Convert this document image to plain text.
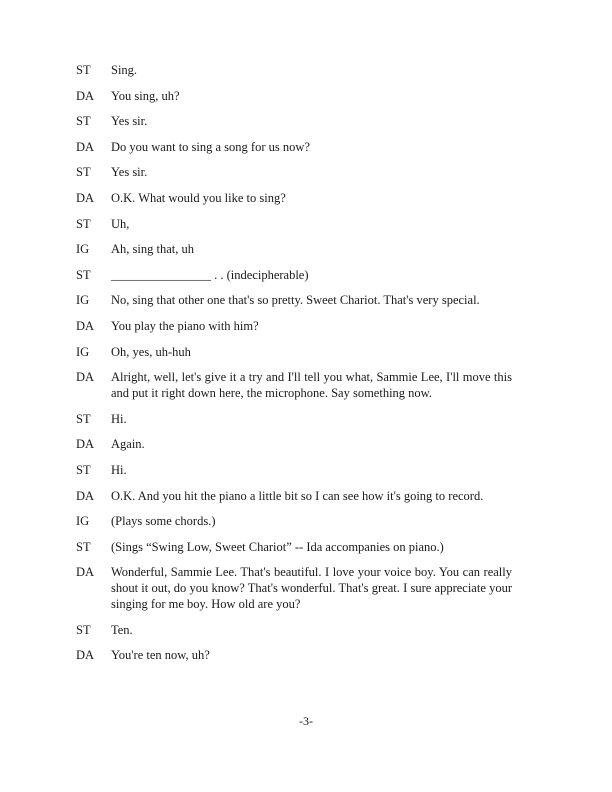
ST	Sing.
DA	You sing, uh?
ST	Yes sir.
DA	Do you want to sing a song for us now?
ST	Yes sir.
DA	O.K. What would you like to sing?
ST	Uh,
IG	Ah, sing that, uh
ST	________________ . . (indecipherable)
IG	No, sing that other one that's so pretty. Sweet Chariot. That's very special.
DA	You play the piano with him?
IG	Oh, yes, uh-huh
DA	Alright, well, let's give it a try and I'll tell you what, Sammie Lee, I'll move this and put it right down here, the microphone. Say something now.
ST	Hi.
DA	Again.
ST	Hi.
DA	O.K. And you hit the piano a little bit so I can see how it's going to record.
IG	(Plays some chords.)
ST	(Sings “Swing Low, Sweet Chariot” -- Ida accompanies on piano.)
DA	Wonderful, Sammie Lee. That's beautiful. I love your voice boy. You can really shout it out, do you know? That's wonderful. That's great. I sure appreciate your singing for me boy. How old are you?
ST	Ten.
DA	You're ten now, uh?
-3-
